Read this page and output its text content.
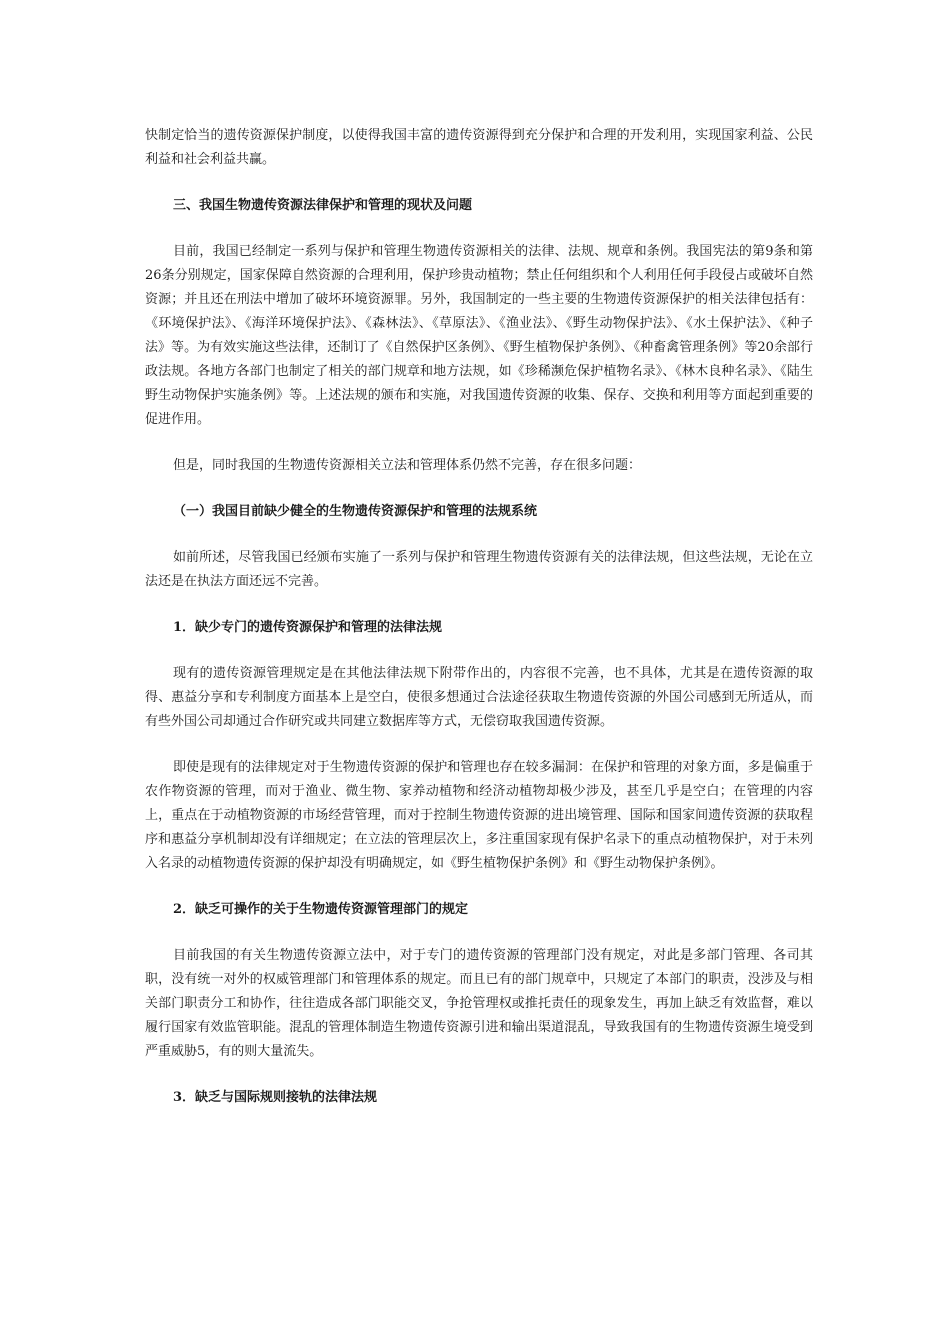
快制定恰当的遗传资源保护制度，以使得我国丰富的遗传资源得到充分保护和合理的开发利用，实现国家利益、公民利益和社会利益共赢。

三、我国生物遗传资源法律保护和管理的现状及问题

目前，我国已经制定一系列与保护和管理生物遗传资源相关的法律、法规、规章和条例。我国宪法的第9条和第26条分别规定，国家保障自然资源的合理利用，保护珍贵动植物；禁止任何组织和个人利用任何手段侵占或破坏自然资源；并且还在刑法中增加了破坏环境资源罪。另外，我国制定的一些主要的生物遗传资源保护的相关法律包括有：《环境保护法》、《海洋环境保护法》、《森林法》、《草原法》、《渔业法》、《野生动物保护法》、《水土保护法》、《种子法》等。为有效实施这些法律，还制订了《自然保护区条例》、《野生植物保护条例》、《种畜禽管理条例》等20余部行政法规。各地方各部门也制定了相关的部门规章和地方法规，如《珍稀濒危保护植物名录》、《林木良种名录》、《陆生野生动物保护实施条例》等。上述法规的颁布和实施，对我国遗传资源的收集、保存、交换和利用等方面起到重要的促进作用。

但是，同时我国的生物遗传资源相关立法和管理体系仍然不完善，存在很多问题：

（一）我国目前缺少健全的生物遗传资源保护和管理的法规系统

如前所述，尽管我国已经颁布实施了一系列与保护和管理生物遗传资源有关的法律法规，但这些法规，无论在立法还是在执法方面还远不完善。

1．缺少专门的遗传资源保护和管理的法律法规

现有的遗传资源管理规定是在其他法律法规下附带作出的，内容很不完善，也不具体，尤其是在遗传资源的取得、惠益分享和专利制度方面基本上是空白，使很多想通过合法途径获取生物遗传资源的外国公司感到无所适从，而有些外国公司却通过合作研究或共同建立数据库等方式，无偿窃取我国遗传资源。

即使是现有的法律规定对于生物遗传资源的保护和管理也存在较多漏洞：在保护和管理的对象方面，多是偏重于农作物资源的管理，而对于渔业、微生物、家养动植物和经济动植物却极少涉及，甚至几乎是空白；在管理的内容上，重点在于动植物资源的市场经营管理，而对于控制生物遗传资源的进出境管理、国际和国家间遗传资源的获取程序和惠益分享机制却没有详细规定；在立法的管理层次上，多注重国家现有保护名录下的重点动植物保护，对于未列入名录的动植物遗传资源的保护却没有明确规定，如《野生植物保护条例》和《野生动物保护条例》。

2．缺乏可操作的关于生物遗传资源管理部门的规定

目前我国的有关生物遗传资源立法中，对于专门的遗传资源的管理部门没有规定，对此是多部门管理、各司其职，没有统一对外的权威管理部门和管理体系的规定。而且已有的部门规章中，只规定了本部门的职责，没涉及与相关部门职责分工和协作，往往造成各部门职能交叉，争抢管理权或推托责任的现象发生，再加上缺乏有效监督，难以履行国家有效监管职能。混乱的管理体制造生物遗传资源引进和输出渠道混乱，导致我国有的生物遗传资源生境受到严重威胁5，有的则大量流失。

3．缺乏与国际规则接轨的法律法规
